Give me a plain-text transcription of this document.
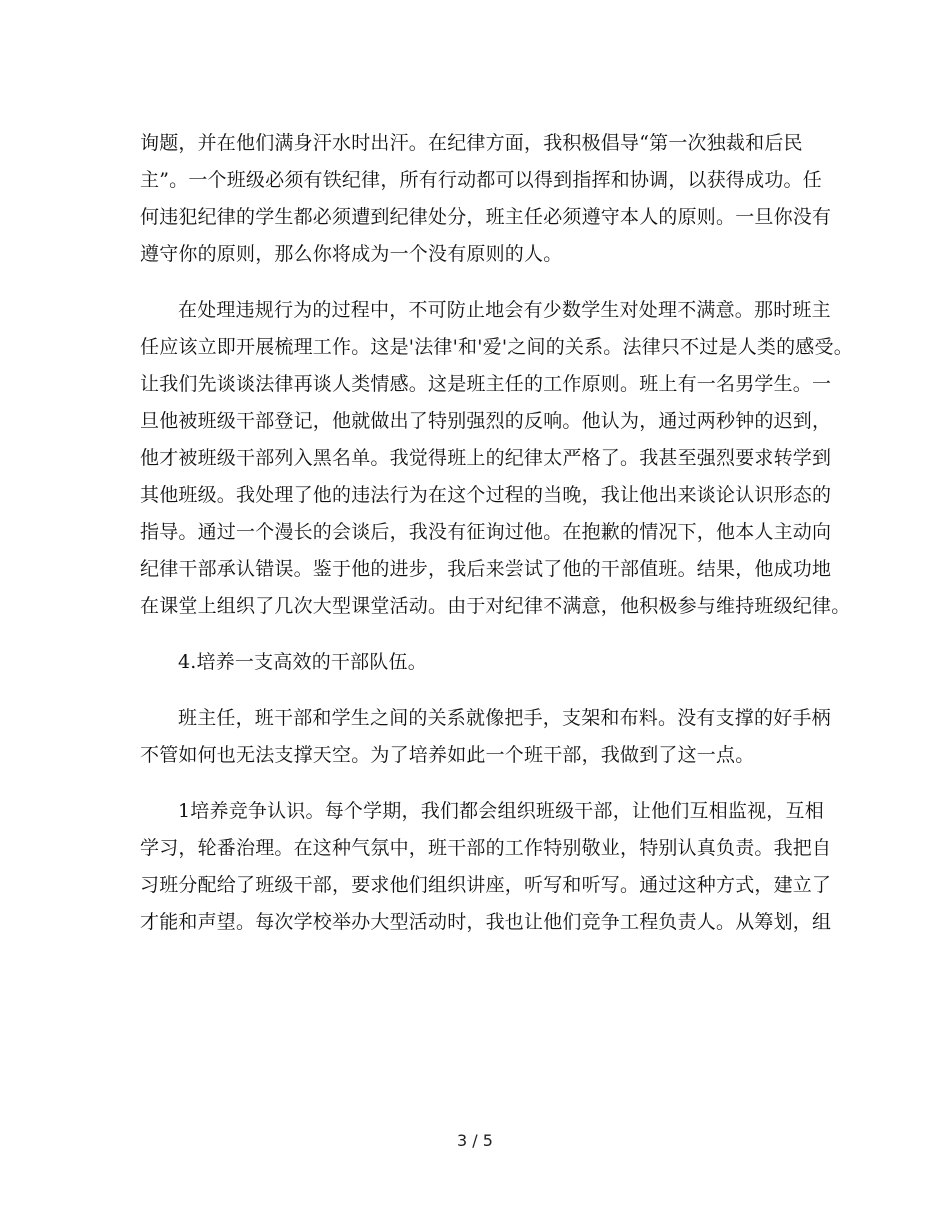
询题，并在他们满身汗水时出汗。在纪律方面，我积极倡导“第一次独裁和后民
主”。一个班级必须有铁纪律，所有行动都可以得到指挥和协调，以获得成功。任
何违犯纪律的学生都必须遭到纪律处分，班主任必须遵守本人的原则。一旦你没有
遵守你的原则，那么你将成为一个没有原则的人。
在处理违规行为的过程中，不可防止地会有少数学生对处理不满意。那时班主
任应该立即开展梳理工作。这是'法律'和'爱'之间的关系。法律只不过是人类的感受。
让我们先谈谈法律再谈人类情感。这是班主任的工作原则。班上有一名男学生。一
旦他被班级干部登记，他就做出了特别强烈的反响。他认为，通过两秒钟的迟到，
他才被班级干部列入黑名单。我觉得班上的纪律太严格了。我甚至强烈要求转学到
其他班级。我处理了他的违法行为在这个过程的当晚，我让他出来谈论认识形态的
指导。通过一个漫长的会谈后，我没有征询过他。在抱歉的情况下，他本人主动向
纪律干部承认错误。鉴于他的进步，我后来尝试了他的干部值班。结果，他成功地
在课堂上组织了几次大型课堂活动。由于对纪律不满意，他积极参与维持班级纪律。
4.培养一支高效的干部队伍。
班主任，班干部和学生之间的关系就像把手，支架和布料。没有支撑的好手柄
不管如何也无法支撑天空。为了培养如此一个班干部，我做到了这一点。
1培养竞争认识。每个学期，我们都会组织班级干部，让他们互相监视，互相
学习，轮番治理。在这种气氛中，班干部的工作特别敬业，特别认真负责。我把自
习班分配给了班级干部，要求他们组织讲座，听写和听写。通过这种方式，建立了
才能和声望。每次学校举办大型活动时，我也让他们竞争工程负责人。从筹划，组
3 / 5
